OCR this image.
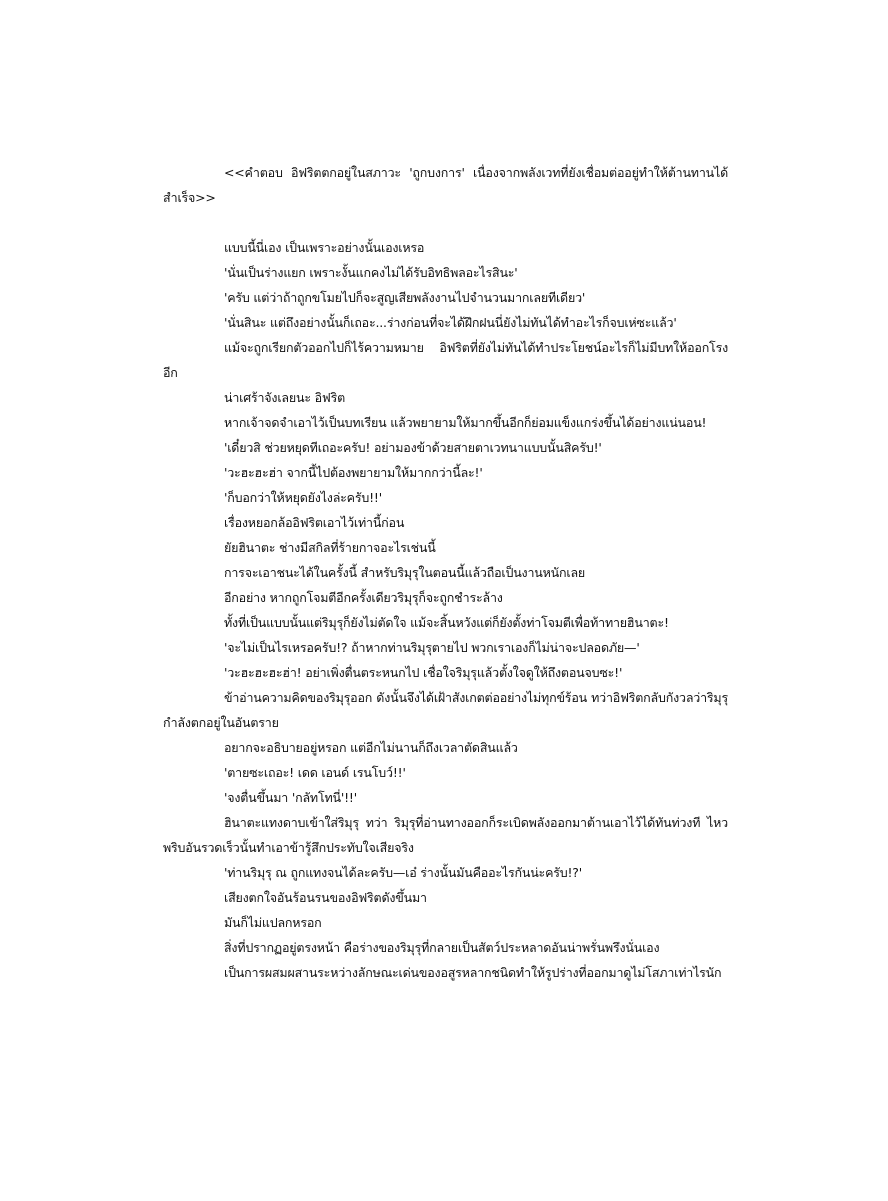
<<คำตอบ อิฟริตตกอยู่ในสภาวะ 'ถูกบงการ' เนื่องจากพลังเวทที่ยังเชื่อมต่ออยู่ทำให้ต้านทานได้สำเร็จ>>

แบบนี้นี่เอง เป็นเพราะอย่างนั้นเองเหรอ

'นั่นเป็นร่างแยก เพราะงั้นแกคงไม่ได้รับอิทธิพลอะไรสินะ'

'ครับ แต่ว่าถ้าถูกขโมยไปก็จะสูญเสียพลังงานไปจำนวนมากเลยทีเดียว'

'นั่นสินะ แต่ถึงอย่างนั้นก็เถอะ...ร่างก่อนที่จะได้ฝึกฝนนี่ยังไม่ทันได้ทำอะไรก็จบเห่ซะแล้ว'

แม้จะถูกเรียกตัวออกไปก็ไร้ความหมาย อิฟริตที่ยังไม่ทันได้ทำประโยชน์อะไรก็ไม่มีบทให้ออกโรงอีก

น่าเศร้าจังเลยนะ อิฟริต

หากเจ้าจดจำเอาไว้เป็นบทเรียน แล้วพยายามให้มากขึ้นอีกก็ย่อมแข็งแกร่งขึ้นได้อย่างแน่นอน!

'เดี๋ยวสิ ช่วยหยุดทีเถอะครับ! อย่ามองข้าด้วยสายตาเวทนาแบบนั้นสิครับ!'

'วะฮะฮะฮ่า จากนี้ไปต้องพยายามให้มากกว่านี้ละ!'

'ก็บอกว่าให้หยุดยังไงล่ะครับ!!'

เรื่องหยอกล้ออิฟริตเอาไว้เท่านี้ก่อน

ยัยฮินาตะ ช่างมีสกิลที่ร้ายกาจอะไรเช่นนี้

การจะเอาชนะได้ในครั้งนี้ สำหรับริมุรุในตอนนี้แล้วถือเป็นงานหนักเลย

อีกอย่าง หากถูกโจมตีอีกครั้งเดียวริมุรุก็จะถูกชำระล้าง

ทั้งที่เป็นแบบนั้นแต่ริมุรุก็ยังไม่ตัดใจ แม้จะสิ้นหวังแต่ก็ยังตั้งท่าโจมตีเพื่อท้าทายฮินาตะ!

'จะไม่เป็นไรเหรอครับ!? ถ้าหากท่านริมุรุตายไป พวกเราเองก็ไม่น่าจะปลอดภัย—'

'วะฮะฮะฮะฮ่า! อย่าเพิ่งตื่นตระหนกไป เชื่อใจริมุรุแล้วตั้งใจดูให้ถึงตอนจบซะ!'

ข้าอ่านความคิดของริมุรุออก ดังนั้นจึงได้เฝ้าสังเกตต่ออย่างไม่ทุกข์ร้อน ทว่าอิฟริตกลับกังวลว่าริมุรุกำลังตกอยู่ในอันตราย

อยากจะอธิบายอยู่หรอก แต่อีกไม่นานก็ถึงเวลาตัดสินแล้ว

'ตายซะเถอะ! เดด เอนด์ เรนโบว์!!'

'จงตื่นขึ้นมา 'กลัทโทนี่'!!'

ฮินาตะแทงดาบเข้าใส่ริมุรุ ทว่า ริมุรุที่อ่านทางออกก็ระเบิดพลังออกมาต้านเอาไว้ได้ทันท่วงที ไหวพริบอันรวดเร็วนั้นทำเอาข้ารู้สึกประทับใจเสียจริง

'ท่านริมุรุ ณ ถูกแทงจนได้ละครับ—เอ๋ ร่างนั้นมันคืออะไรกันน่ะครับ!?'

เสียงตกใจอันร้อนรนของอิฟริตดังขึ้นมา

มันก็ไม่แปลกหรอก

สิ่งที่ปรากฏอยู่ตรงหน้า คือร่างของริมุรุที่กลายเป็นสัตว์ประหลาดอันน่าพรั่นพรึงนั่นเอง

เป็นการผสมผสานระหว่างลักษณะเด่นของอสูรหลากชนิดทำให้รูปร่างที่ออกมาดูไม่โสภาเท่าไรนัก
